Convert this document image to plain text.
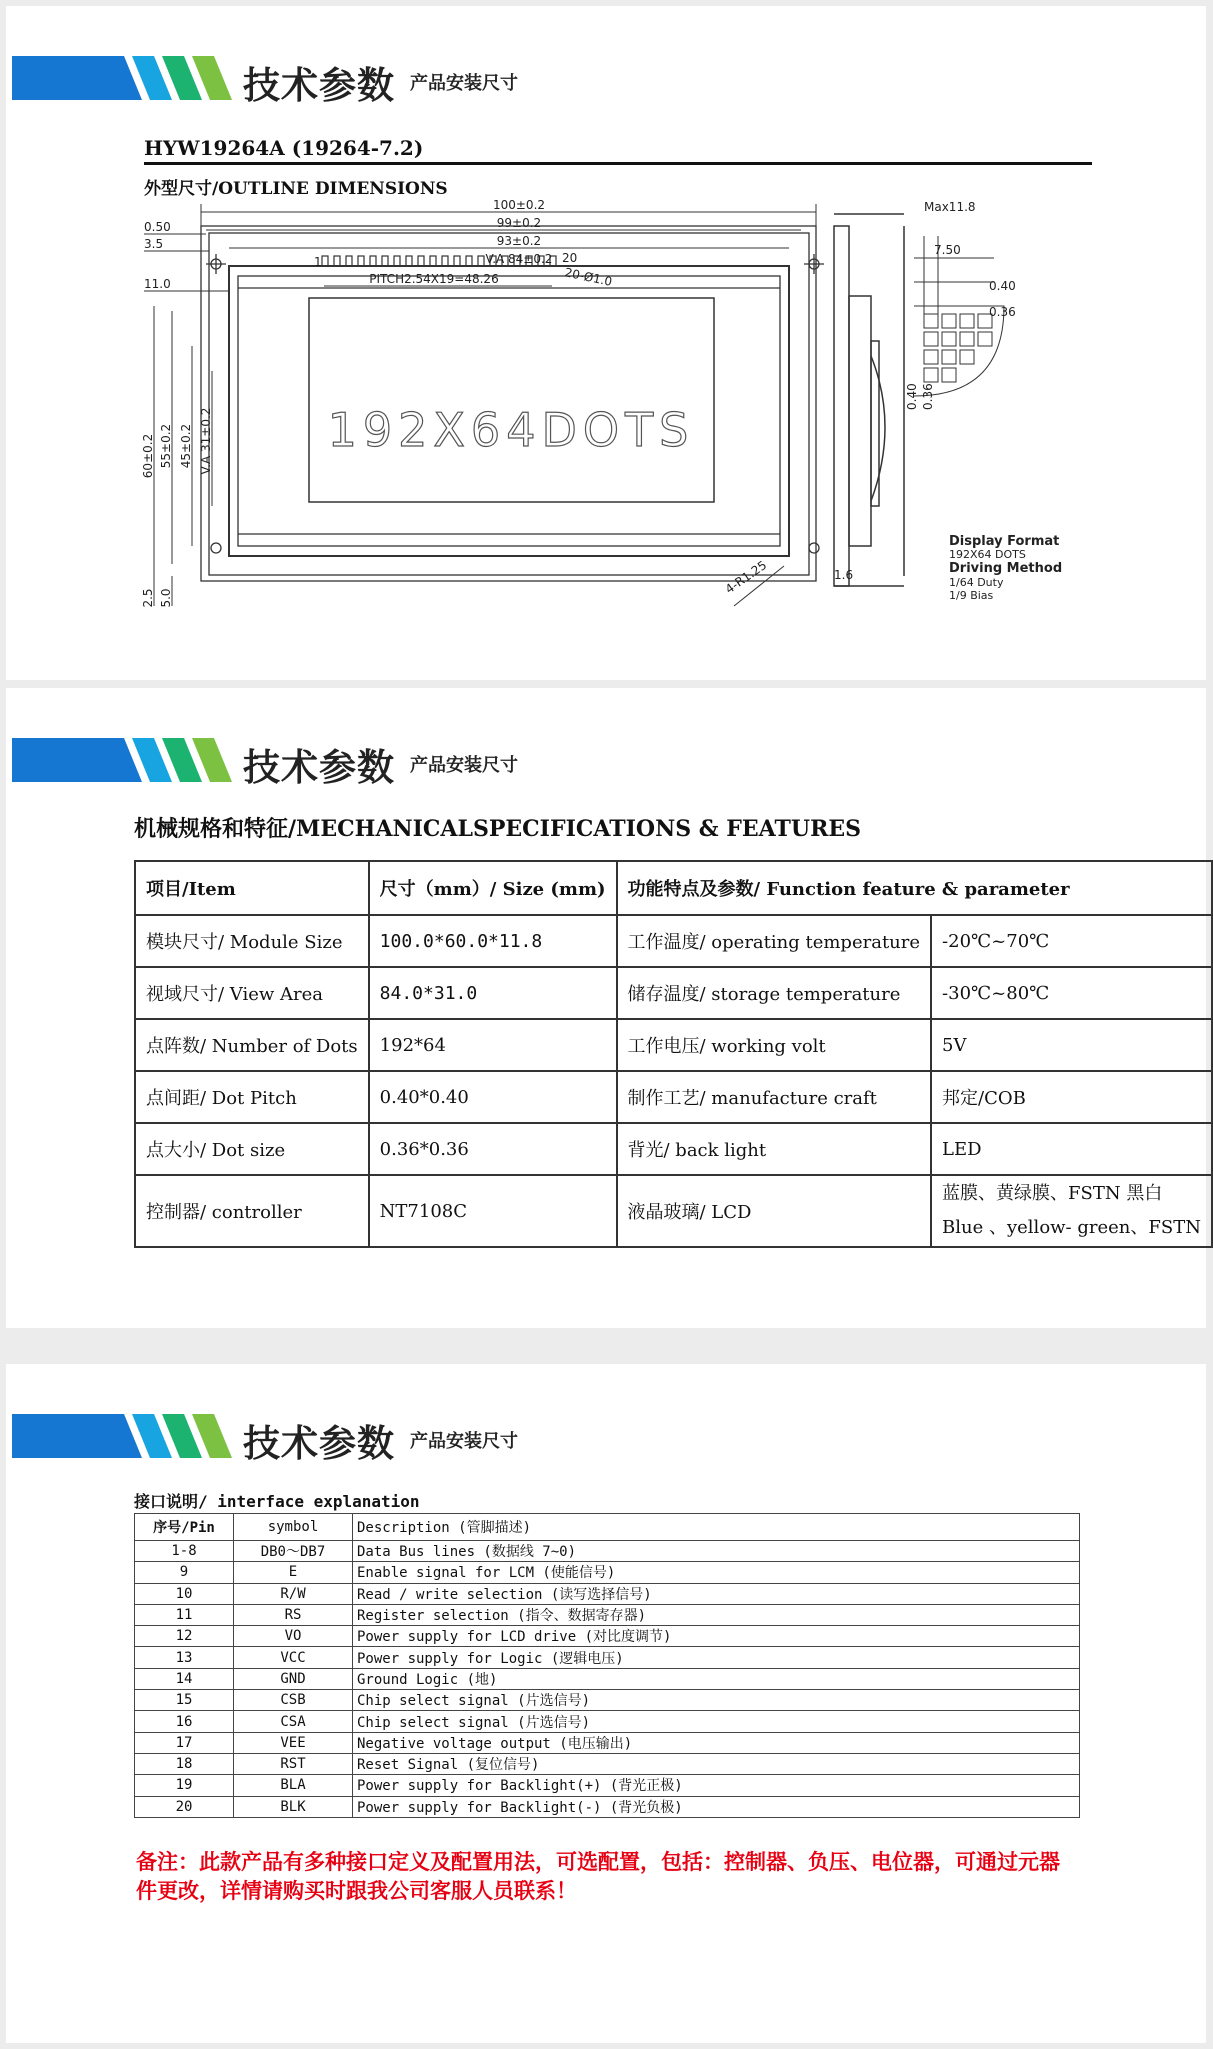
技术参数 产品安装尺寸
HYW19264A (19264-7.2)
外型尺寸/OUTLINE DIMENSIONS
100±0.2
99±0.2
93±0.2
V.A 84±0.2
PITCH2.54X19=48.26
0.50
3.5
11.0
1	20
20-Ø1.0
60±0.2 55±0.2 45±0.2 V.A 31±0.2
2.5 5.0
4-R1.25
Max11.8
7.50
0.40
0.36
0.40 0.36
1.6
192X64DOTS
Display Format
192X64 DOTS
Driving Method
1/64 Duty
1/9 Bias
技术参数 产品安装尺寸
机械规格和特征/MECHANICALSPECIFICATIONS & FEATURES
项目/Item	尺寸（mm）/ Size (mm)	功能特点及参数/ Function feature & parameter	
模块尺寸/ Module Size	100.0*60.0*11.8	工作温度/ operating temperature	-20℃~70℃
视域尺寸/ View Area	84.0*31.0	储存温度/ storage temperature	-30℃~80℃
点阵数/ Number of Dots	192*64	工作电压/ working volt	5V
点间距/ Dot Pitch	0.40*0.40	制作工艺/ manufacture craft	邦定/COB
点大小/ Dot size	0.36*0.36	背光/ back light	LED
控制器/ controller	NT7108C	液晶玻璃/ LCD	蓝膜、黄绿膜、FSTN 黑白
Blue 、yellow- green、FSTN
技术参数 产品安装尺寸
接口说明/ interface explanation
序号/Pin	symbol	Description (管脚描述)
1-8	DB0～DB7	Data Bus lines (数据线 7~0)
9	E	Enable signal for LCM (使能信号)
10	R/W	Read / write selection (读写选择信号)
11	RS	Register selection (指令、数据寄存器)
12	VO	Power supply for LCD drive (对比度调节)
13	VCC	Power supply for Logic (逻辑电压)
14	GND	Ground Logic (地)
15	CSB	Chip select signal (片选信号)
16	CSA	Chip select signal (片选信号)
17	VEE	Negative voltage output (电压输出)
18	RST	Reset Signal (复位信号)
19	BLA	Power supply for Backlight(+) (背光正极)
20	BLK	Power supply for Backlight(-) (背光负极)
备注：此款产品有多种接口定义及配置用法，可选配置，包括：控制器、负压、电位器，可通过元器件更改，详情请购买时跟我公司客服人员联系！
